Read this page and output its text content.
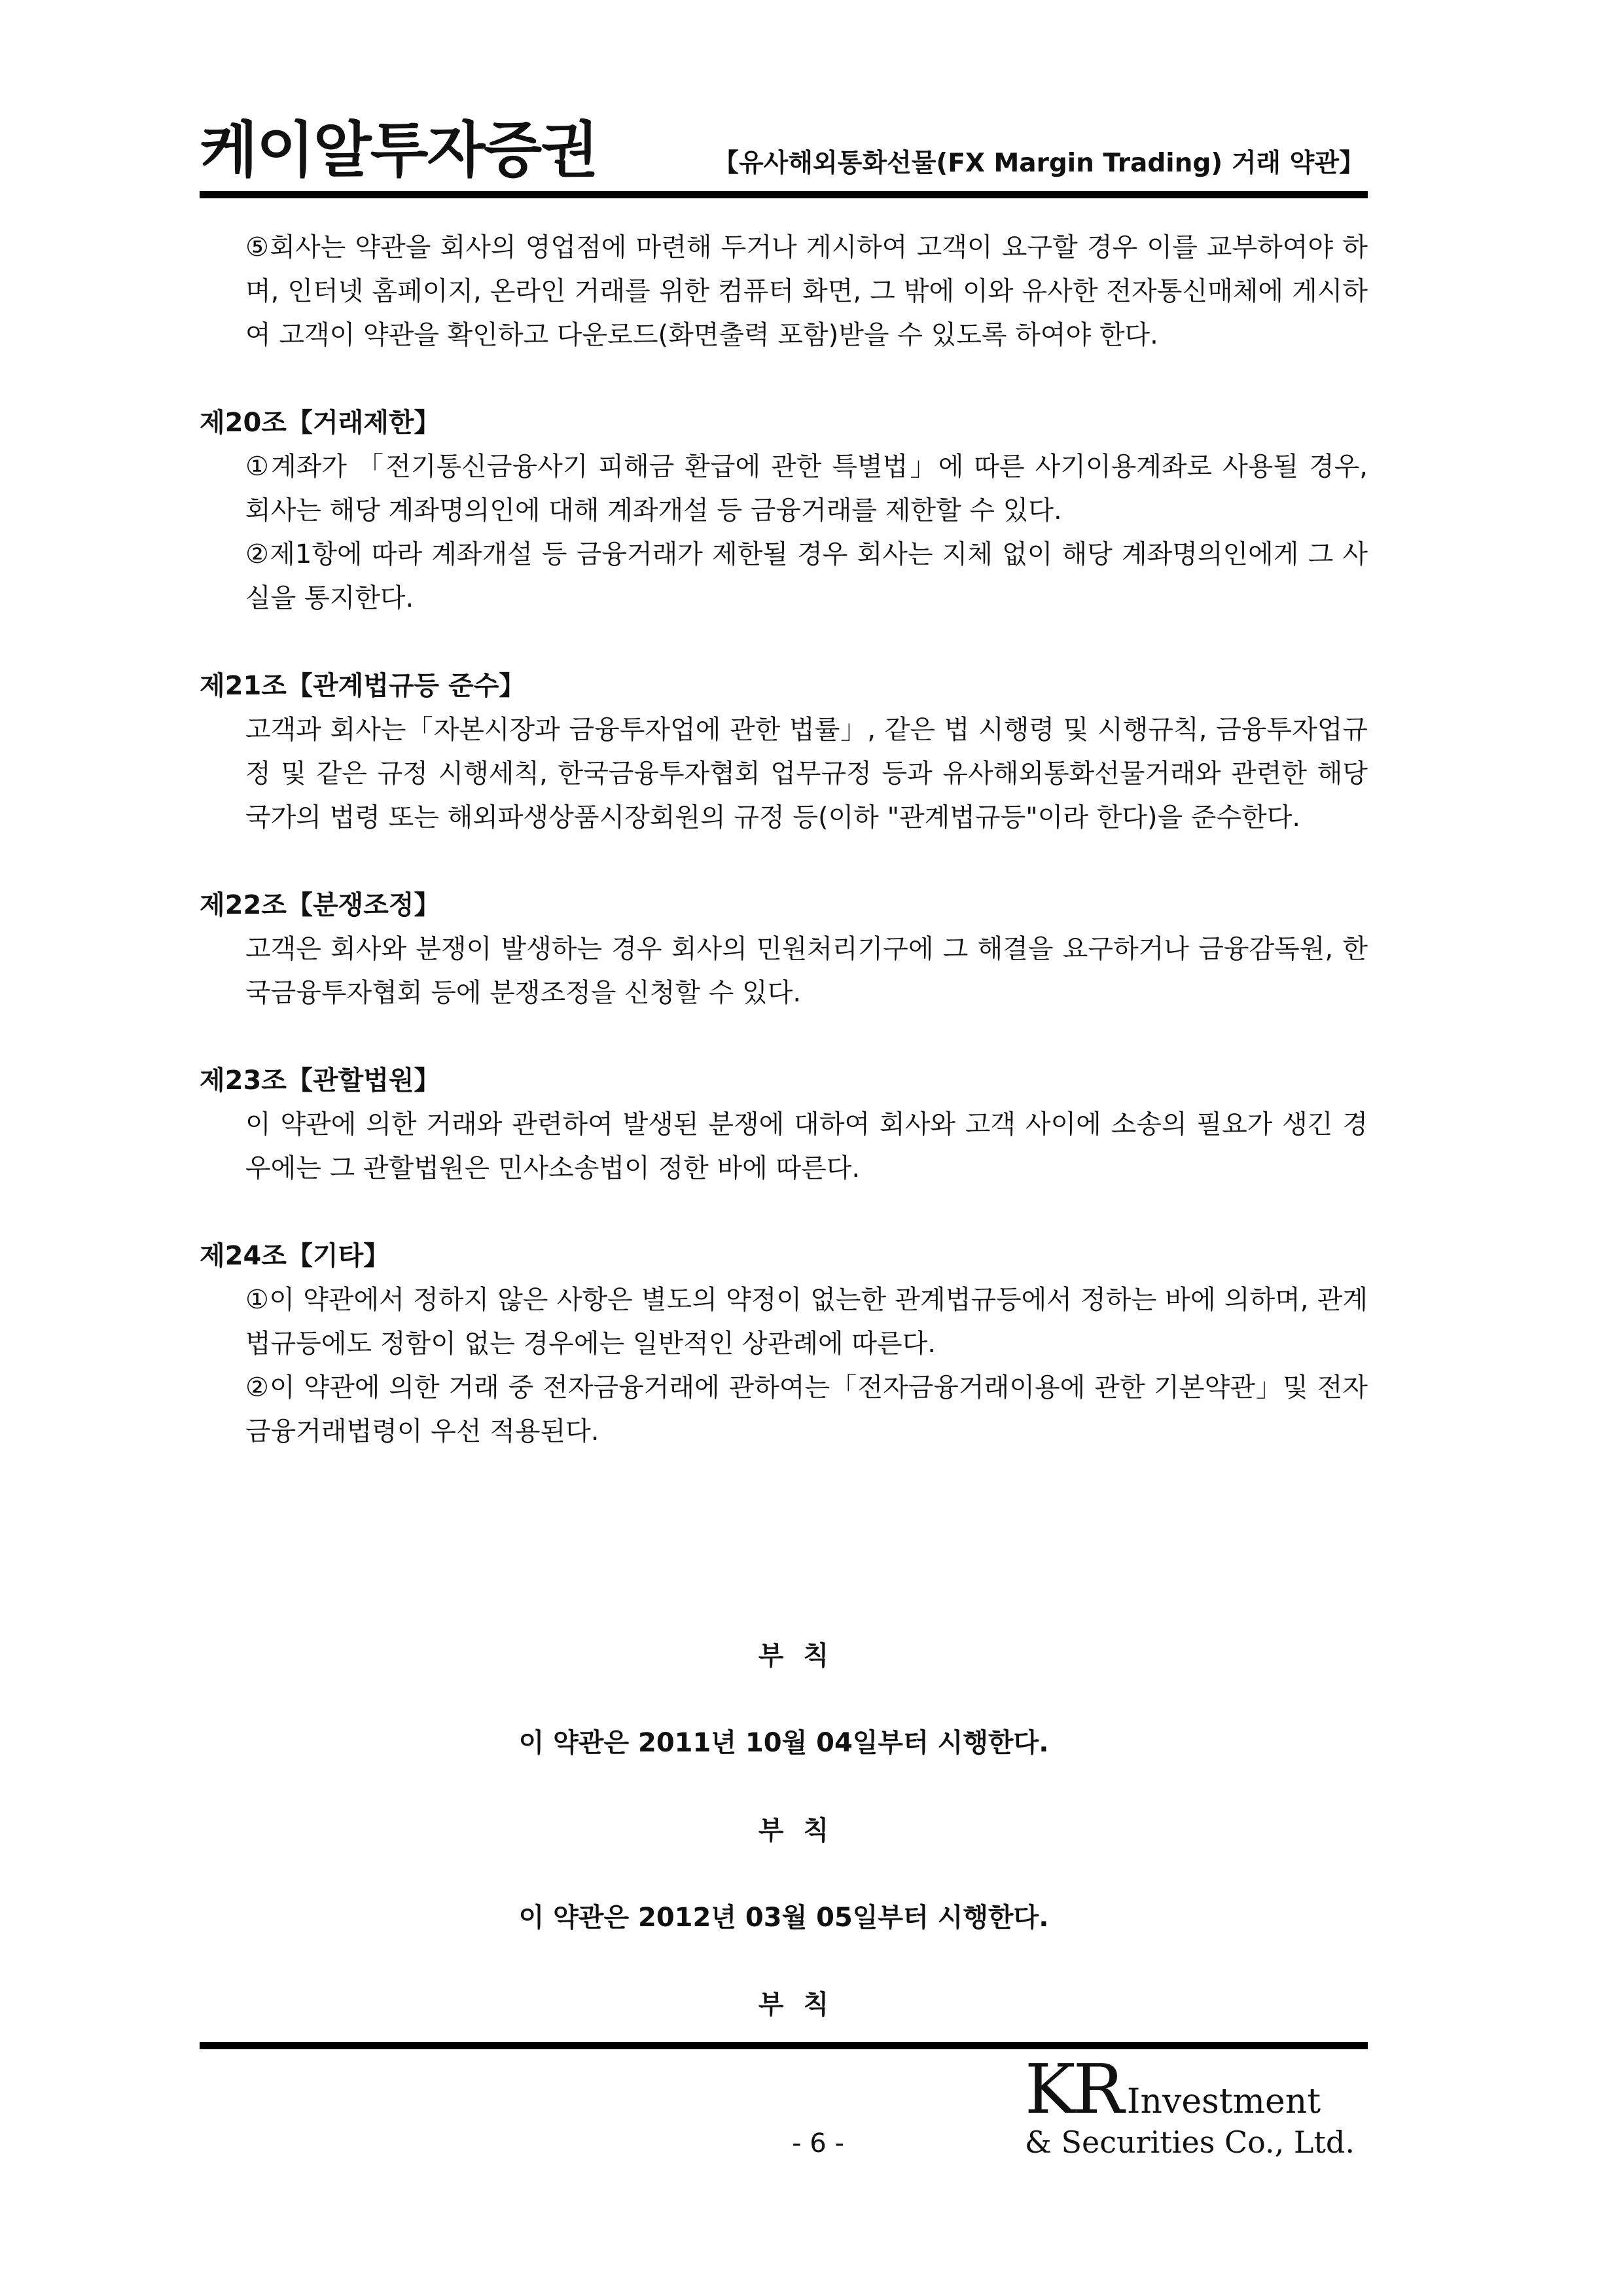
케이알투자증권	【유사해외통화선물(FX Margin Trading) 거래 약관】

⑤회사는 약관을 회사의 영업점에 마련해 두거나 게시하여 고객이 요구할 경우 이를 교부하여야 하며, 인터넷 홈페이지, 온라인 거래를 위한 컴퓨터 화면, 그 밖에 이와 유사한 전자통신매체에 게시하여 고객이 약관을 확인하고 다운로드(화면출력 포함)받을 수 있도록 하여야 한다.

제20조【거래제한】

①계좌가 「전기통신금융사기 피해금 환급에 관한 특별법」에 따른 사기이용계좌로 사용될 경우, 회사는 해당 계좌명의인에 대해 계좌개설 등 금융거래를 제한할 수 있다.

②제1항에 따라 계좌개설 등 금융거래가 제한될 경우 회사는 지체 없이 해당 계좌명의인에게 그 사실을 통지한다.

제21조【관계법규등 준수】

고객과 회사는「자본시장과 금융투자업에 관한 법률」, 같은 법 시행령 및 시행규칙, 금융투자업규정 및 같은 규정 시행세칙, 한국금융투자협회 업무규정 등과 유사해외통화선물거래와 관련한 해당국가의 법령 또는 해외파생상품시장회원의 규정 등(이하 "관계법규등"이라 한다)을 준수한다.

제22조【분쟁조정】

고객은 회사와 분쟁이 발생하는 경우 회사의 민원처리기구에 그 해결을 요구하거나 금융감독원, 한국금융투자협회 등에 분쟁조정을 신청할 수 있다.

제23조【관할법원】

이 약관에 의한 거래와 관련하여 발생된 분쟁에 대하여 회사와 고객 사이에 소송의 필요가 생긴 경우에는 그 관할법원은 민사소송법이 정한 바에 따른다.

제24조【기타】

①이 약관에서 정하지 않은 사항은 별도의 약정이 없는한 관계법규등에서 정하는 바에 의하며, 관계법규등에도 정함이 없는 경우에는 일반적인 상관례에 따른다.

②이 약관에 의한 거래 중 전자금융거래에 관하여는「전자금융거래이용에 관한 기본약관」및 전자금융거래법령이 우선 적용된다.

부칙

이 약관은 2011년 10월 04일부터 시행한다.

부칙

이 약관은 2012년 03월 05일부터 시행한다.

부칙

- 6 -

KR Investment
& Securities Co., Ltd.
